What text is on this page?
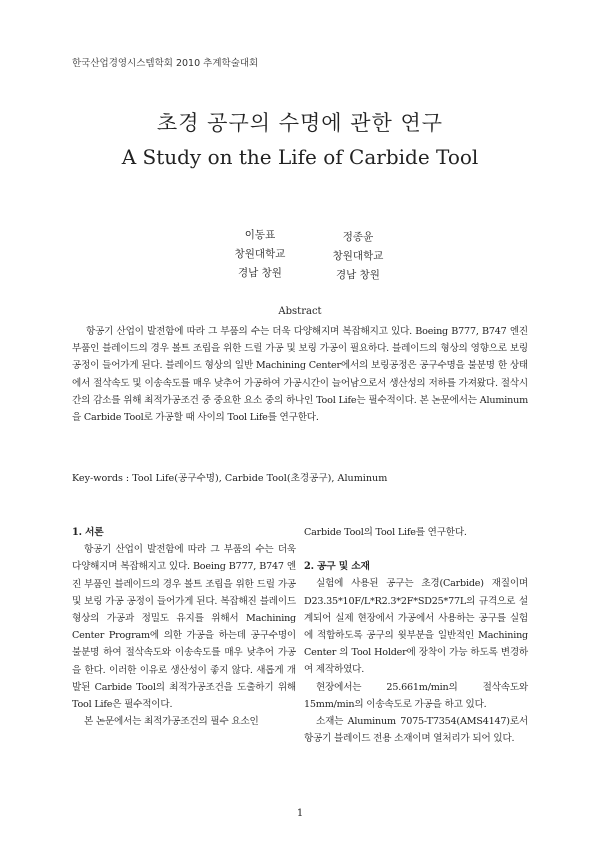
한국산업경영시스템학회 2010 추계학술대회
초경 공구의 수명에 관한 연구
A Study on the Life of Carbide Tool
이동표
창원대학교
경남 창원
정종윤
창원대학교
경남 창원
Abstract
항공기 산업이 발전함에 따라 그 부품의 수는 더욱 다양해지며 복잡해지고 있다. Boeing B777, B747 엔진 부품인 블레이드의 경우 볼트 조립을 위한 드릴 가공 및 보링 가공이 필요하다. 블레이드의 형상의 영향으로 보링 공정이 들어가게 된다. 블레이드 형상의 일반 Machining Center에서의 보링공정은 공구수명을 불분명 한 상태에서 절삭속도 및 이송속도를 매우 낮추어 가공하여 가공시간이 늘어남으로서 생산성의 저하를 가져왔다. 절삭시간의 감소를 위해 최적가공조건 중 중요한 요소 중의 하나인 Tool Life는 필수적이다. 본 논문에서는 Aluminum을 Carbide Tool로 가공할 때 사이의 Tool Life를 연구한다.
Key-words : Tool Life(공구수명), Carbide Tool(초경공구), Aluminum
1. 서론

항공기 산업이 발전함에 따라 그 부품의 수는 더욱 다양해지며 복잡해지고 있다. Boeing B777, B747 엔진 부품인 블레이드의 경우 볼트 조립을 위한 드릴 가공 및 보링 가공 공정이 들어가게 된다. 복잡해진 블레이드 형상의 가공과 정밀도 유지를 위해서 Machining Center Program에 의한 가공을 하는데 공구수명이 불분명 하여 절삭속도와 이송속도를 매우 낮추어 가공을 한다. 이러한 이유로 생산성이 좋지 않다. 새롭게 개발된 Carbide Tool의 최적가공조건을 도출하기 위해 Tool Life은 필수적이다.

본 논문에서는 최적가공조건의 필수 요소인

Carbide Tool의 Tool Life를 연구한다.

2. 공구 및 소재

실험에 사용된 공구는 초경(Carbide) 재질이며 D23.35*10F/L*R2.3*2F*SD25*77L의 규격으로 설계되어 실제 현장에서 가공에서 사용하는 공구를 실험에 적합하도록 공구의 윗부분을 일반적인 Machining Center 의 Tool Holder에 장착이 가능 하도록 변경하여 제작하였다.

현장에서는 25.661m/min의 절삭속도와 15mm/min의 이송속도로 가공을 하고 있다.

소재는 Aluminum 7075-T7354(AMS4147)로서 항공기 블레이드 전용 소재이며 열처리가 되어 있다.

1
